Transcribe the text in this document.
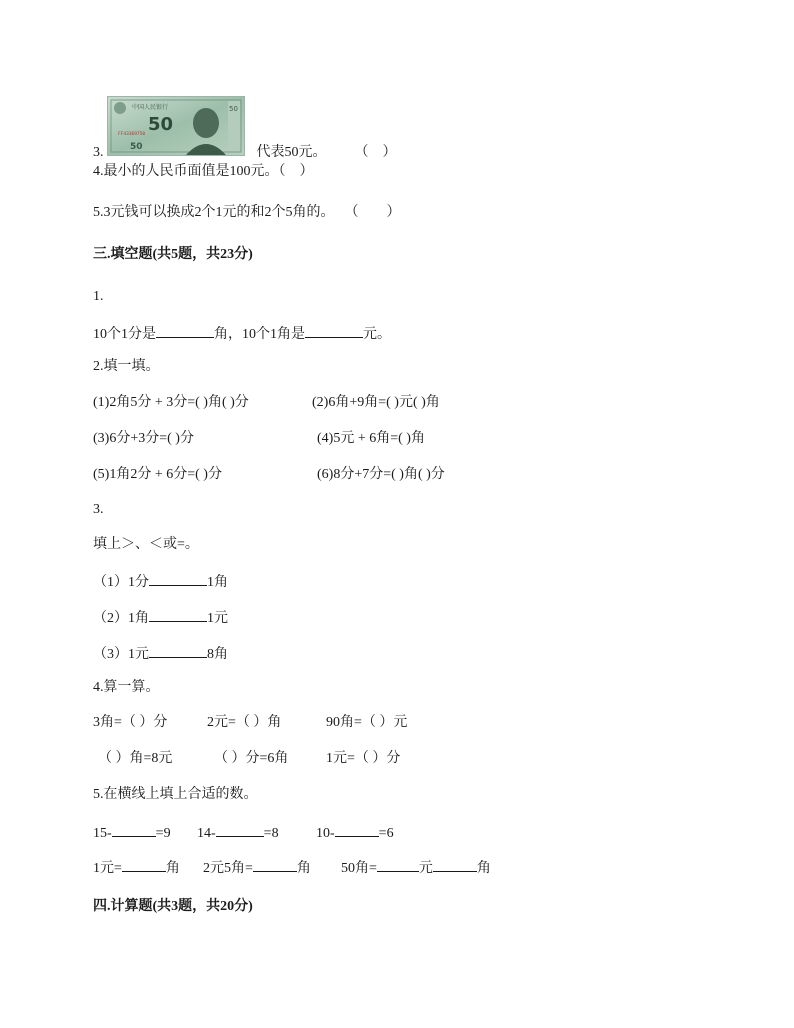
中国人民银行
50
FF43369750
50
50
3.	代表50元。 （　）
4.最小的人民币面值是100元。（　）
5.3元钱可以换成2个1元的和2个5角的。 （　　）
三.填空题(共5题，共23分)
1.
10个1分是	角，10个1角是	元。
2.填一填。
(1)2角5分 + 3分=( )角( )分	(2)6角+9角=( )元( )角
(3)6分+3分=( )分	(4)5元 + 6角=( )角
(5)1角2分 + 6分=( )分	(6)8分+7分=( )角( )分
3.
填上＞、＜或=。
（1）1分	1角
（2）1角	1元
（3）1元	8角
4.算一算。
3角=（ ）分	2元=（ ）角	90角=（ ）元
（ ）角=8元	（ ）分=6角	1元=（ ）分
5.在横线上填上合适的数。
15-	=9 14-	=8	10-	=6
1元=	角 2元5角=	角 50角=	元	角
四.计算题(共3题，共20分)
